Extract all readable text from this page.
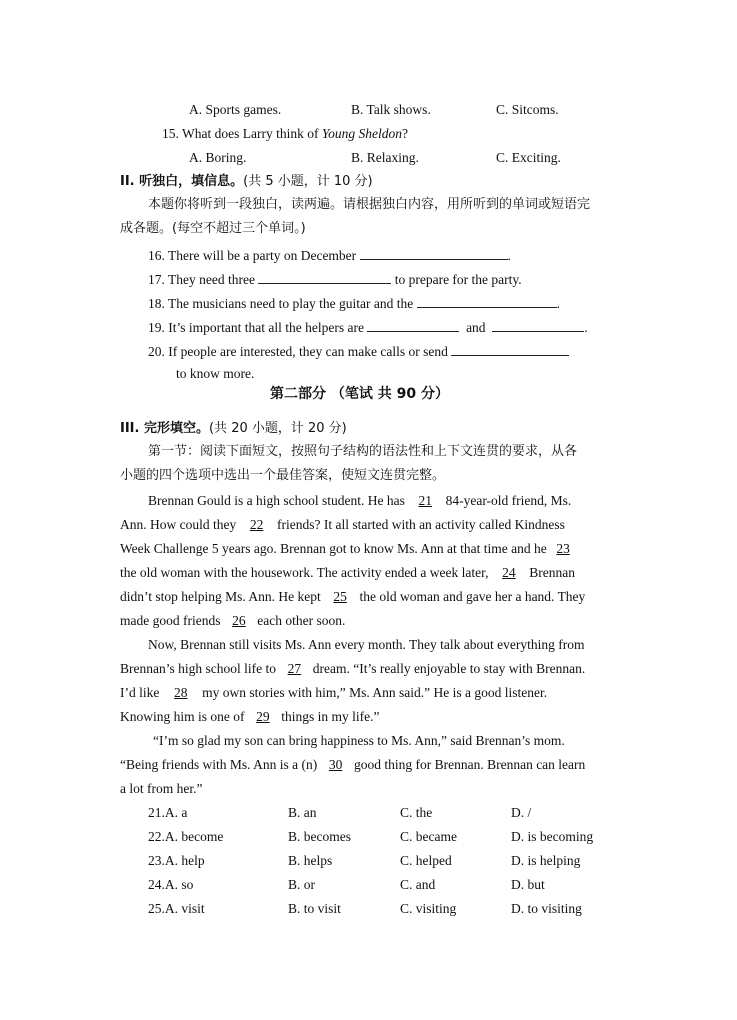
A. Sports games.	B. Talk shows.	C. Sitcoms.
15. What does Larry think of Young Sheldon?
A. Boring.	B. Relaxing.	C. Exciting.
II. 听独白，填信息。(共 5 小题，计 10 分)
本题你将听到一段独白，读两遍。请根据独白内容，用所听到的单词或短语完
成各题。(每空不超过三个单词。)
16. There will be a party on December	.
17. They need three	to prepare for the party.
18. The musicians need to play the guitar and the	.
19. It’s important that all the helpers are	and	.
20. If people are interested, they can make calls or send
to know more.
第二部分 （笔试 共 90 分）
III. 完形填空。(共 20 小题，计 20 分)
第一节：阅读下面短文，按照句子结构的语法性和上下文连贯的要求，从各
小题的四个选项中选出一个最佳答案，使短文连贯完整。
Brennan Gould is a high school student. He has 21 84-year-old friend, Ms.
Ann. How could they 22 friends? It all started with an activity called Kindness
Week Challenge 5 years ago. Brennan got to know Ms. Ann at that time and he 23
the old woman with the housework. The activity ended a week later, 24 Brennan
didn’t stop helping Ms. Ann. He kept 25 the old woman and gave her a hand. They
made good friends 26 each other soon.
Now, Brennan still visits Ms. Ann every month. They talk about everything from
Brennan’s high school life to 27 dream. “It’s really enjoyable to stay with Brennan.
I’d like 28 my own stories with him,” Ms. Ann said.” He is a good listener.
Knowing him is one of 29 things in my life.”
“I’m so glad my son can bring happiness to Ms. Ann,” said Brennan’s mom.
“Being friends with Ms. Ann is a (n) 30 good thing for Brennan. Brennan can learn
a lot from her.”
21.A. a	B. an	C. the	D. /
22.A. become	B. becomes	C. became	D. is becoming
23.A. help	B. helps	C. helped	D. is helping
24.A. so	B. or	C. and	D. but
25.A. visit	B. to visit	C. visiting	D. to visiting
